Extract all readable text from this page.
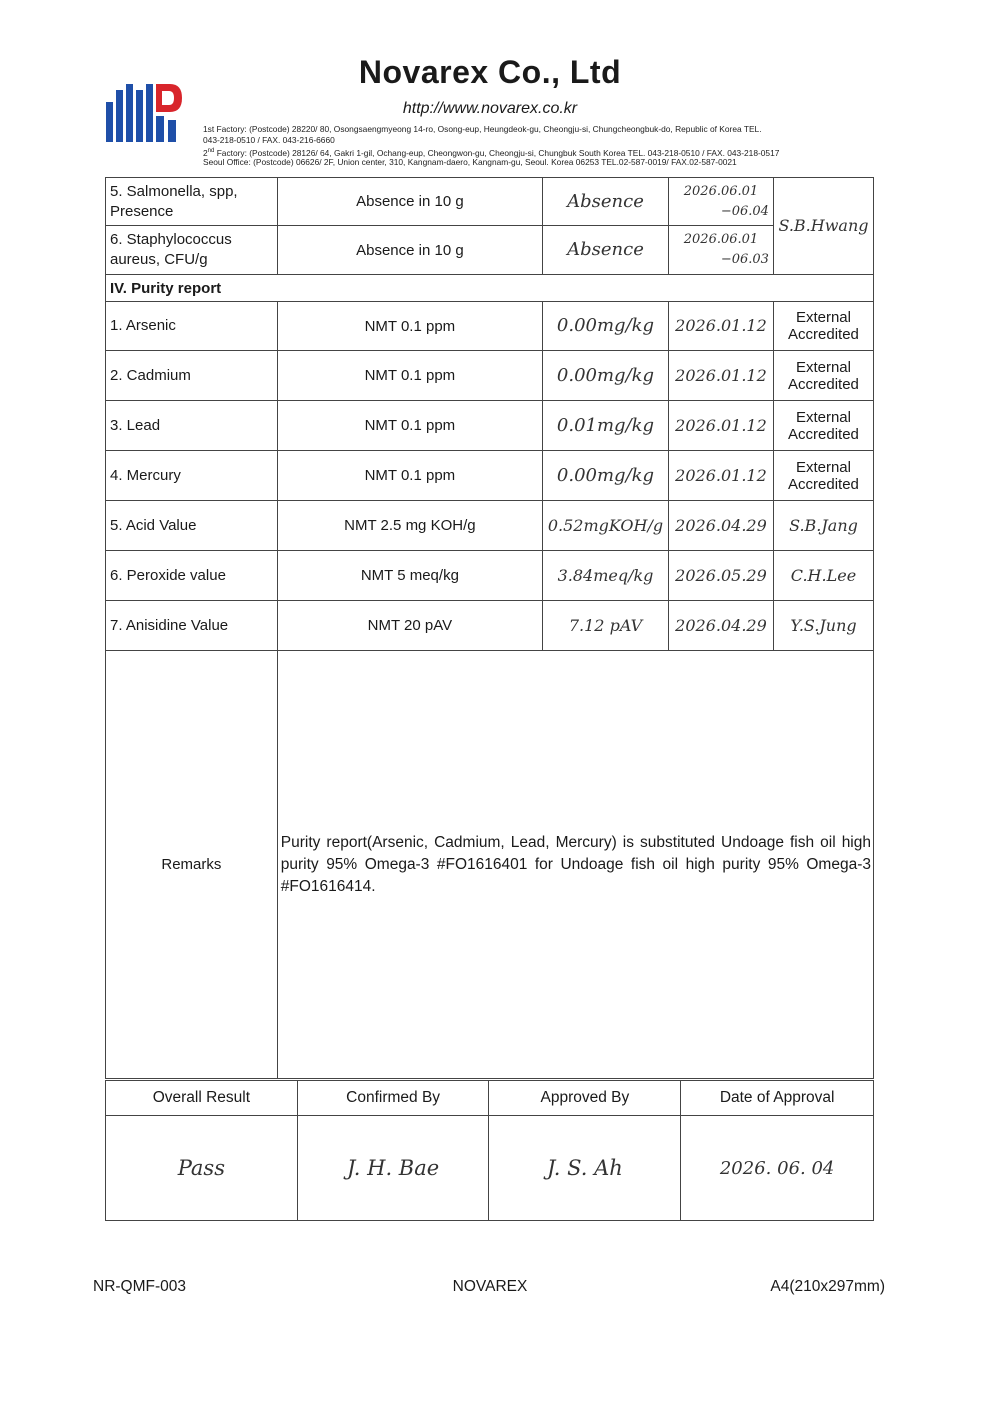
Novarex Co., Ltd
http://www.novarex.co.kr
1st Factory: (Postcode) 28220/ 80, Osongsaengmyeong 14-ro, Osong-eup, Heungdeok-gu, Cheongju-si, Chungcheongbuk-do, Republic of Korea TEL.
043-218-0510 / FAX. 043-216-6660
2nd Factory: (Postcode) 28126/ 64, Gakri 1-gil, Ochang-eup, Cheongwon-gu, Cheongju-si, Chungbuk South Korea TEL. 043-218-0510 / FAX. 043-218-0517
Seoul Office: (Postcode) 06626/ 2F, Union center, 310, Kangnam-daero, Kangnam-gu, Seoul. Korea 06253 TEL.02-587-0019/ FAX.02-587-0021
5. Salmonella, spp, Presence	Absence in 10 g	Absence	2026.06.01
−06.04	S.B.Hwang
6. Staphylococcus aureus, CFU/g	Absence in 10 g	Absence	2026.06.01
−06.03	

IV. Purity report				
1. Arsenic	NMT 0.1 ppm	0.00mg/kg	2026.01.12	External
Accredited

2. Cadmium	NMT 0.1 ppm	0.00mg/kg	2026.01.12	External
Accredited

3. Lead	NMT 0.1 ppm	0.01mg/kg	2026.01.12	External
Accredited

4. Mercury	NMT 0.1 ppm	0.00mg/kg	2026.01.12	External
Accredited

5. Acid Value	NMT 2.5 mg KOH/g	0.52mgKOH/g	2026.04.29	S.B.Jang
6. Peroxide value	NMT 5 meq/kg	3.84meq/kg	2026.05.29	C.H.Lee
7. Anisidine Value	NMT 20 pAV	7.12 pAV	2026.04.29	Y.S.Jung
Remarks	Purity report(Arsenic, Cadmium, Lead, Mercury) is substituted Undoage fish oil high purity 95% Omega-3 #FO1616401 for Undoage fish oil high purity 95% Omega-3 #FO1616414.			
Overall Result	Confirmed By	Approved By	Date of Approval
Pass	J. H. Bae	J. S. Ah	2026. 06. 04
NR-QMF-003	NOVAREX	A4(210x297mm)
